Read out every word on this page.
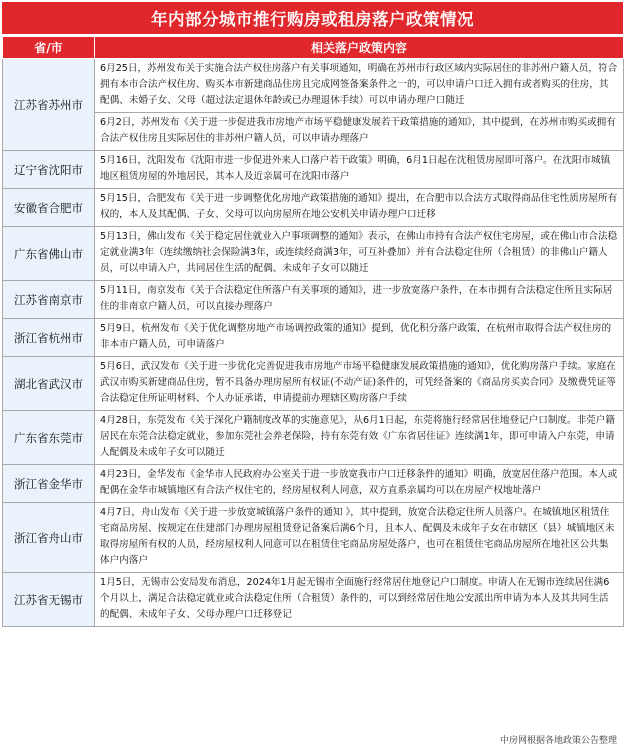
年内部分城市推行购房或租房落户政策情况
省/市	相关落户政策内容
江苏省苏州市	6月25日，苏州发布关于实施合法产权住房落户有关事项通知，明确在苏州市行政区域内实际居住的非苏州户籍人员，符合拥有本市合法产权住房、购买本市新建商品住房且完成网签备案条件之一的，可以申请户口迁入拥有或者购买的住房，其配偶、未婚子女、父母（超过法定退休年龄或已办理退休手续）可以申请办理户口随迁
	6月2日，苏州发布《关于进一步促进我市房地产市场平稳健康发展若干政策措施的通知》，其中提到，在苏州市购买或拥有合法产权住房且实际居住的非苏州户籍人员，可以申请办理落户
辽宁省沈阳市	5月16日，沈阳发布《沈阳市进一步促进外来人口落户若干政策》明确，6月1日起在沈租赁房屋即可落户。在沈阳市城镇地区租赁房屋的外地居民，其本人及近亲属可在沈阳市落户
安徽省合肥市	5月15日，合肥发布《关于进一步调整优化房地产政策措施的通知》提出，在合肥市以合法方式取得商品住宅性质房屋所有权的，本人及其配偶、子女、父母可以向房屋所在地公安机关申请办理户口迁移
广东省佛山市	5月13日，佛山发布《关于稳定居住就业入户事项调整的通知》表示，在佛山市持有合法产权住宅房屋，或在佛山市合法稳定就业满3年（连续缴纳社会保险满3年，或连续经商满3年，可互补叠加）并有合法稳定住所（合租赁）的非佛山户籍人员，可以申请入户，共同居住生活的配偶、未成年子女可以随迁
江苏省南京市	5月11日，南京发布《关于合法稳定住所落户有关事项的通知》，进一步放宽落户条件，在本市拥有合法稳定住所且实际居住的非南京户籍人员，可以直接办理落户
浙江省杭州市	5月9日，杭州发布《关于优化调整房地产市场调控政策的通知》提到，优化积分落户政策，在杭州市取得合法产权住房的非本市户籍人员，可申请落户
湖北省武汉市	5月6日，武汉发布《关于进一步优化完善促进我市房地产市场平稳健康发展政策措施的通知》，优化购房落户手续。家庭在武汉市购买新建商品住房，暂不具备办理房屋所有权证(不动产证)条件的，可凭经备案的《商品房买卖合同》及缴费凭证等合法稳定住所证明材料、个人办证承诺，申请提前办理辖区购房落户手续
广东省东莞市	4月28日，东莞发布《关于深化户籍制度改革的实施意见》，从6月1日起，东莞将施行经常居住地登记户口制度。非莞户籍居民在东莞合法稳定就业，参加东莞社会养老保险，持有东莞有效《广东省居住证》连续满1年，即可申请入户东莞，申请人配偶及未成年子女可以随迁
浙江省金华市	4月23日，金华发布《金华市人民政府办公室关于进一步放宽我市户口迁移条件的通知》明确，放宽居住落户范围。本人或配偶在金华市城镇地区有合法产权住宅的，经房屋权利人同意，双方直系亲属均可以在房屋产权地址落户
浙江省舟山市	4月7日，舟山发布《关于进一步放宽城镇落户条件的通知 》，其中提到，放宽合法稳定住所人员落户。在城镇地区租赁住宅商品房屋、按规定在住建部门办理房屋租赁登记备案后满6个月，且本人、配偶及未成年子女在市辖区（县）城镇地区未取得房屋所有权的人员，经房屋权利人同意可以在租赁住宅商品房屋处落户，也可在租赁住宅商品房屋所在地社区公共集体户内落户
江苏省无锡市	1月5日，无锡市公安局发布消息，2024年1月起无锡市全面施行经常居住地登记户口制度。申请人在无锡市连续居住满6个月以上，满足合法稳定就业或合法稳定住所（合租赁）条件的，可以到经常居住地公安派出所申请为本人及其共同生活的配偶、未成年子女、父母办理户口迁移登记
中房网根据各地政策公告整理
